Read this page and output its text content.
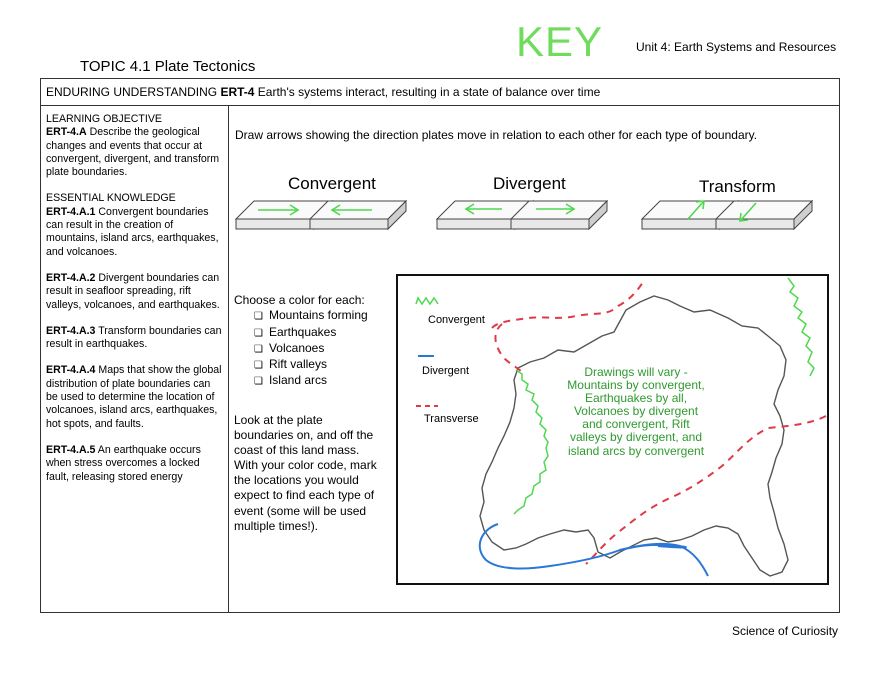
KEY	Unit 4: Earth Systems and Resources
TOPIC 4.1 Plate Tectonics
ENDURING UNDERSTANDING ERT-4 Earth's systems interact, resulting in a state of balance over time

LEARNING OBJECTIVE
ERT-4.A Describe the geological changes and events that occur at convergent, divergent, and transform plate boundaries.

ESSENTIAL KNOWLEDGE
ERT-4.A.1 Convergent boundaries can result in the creation of mountains, island arcs, earthquakes, and volcanoes.

ERT-4.A.2 Divergent boundaries can result in seafloor spreading, rift valleys, volcanoes, and earthquakes.

ERT-4.A.3 Transform boundaries can result in earthquakes.

ERT-4.A.4 Maps that show the global distribution of plate boundaries can be used to determine the location of volcanoes, island arcs, earthquakes, hot spots, and faults.

ERT-4.A.5 An earthquake occurs when stress overcomes a locked fault, releasing stored energy

Draw arrows showing the direction plates move in relation to each other for each type of boundary.
Convergent	Divergent	Transform
Choose a color for each:
❏ Mountains forming
❏ Earthquakes
❏ Volcanoes
❏ Rift valleys
❏ Island arcs
Look at the plate boundaries on, and off the coast of this land mass. With your color code, mark the locations you would expect to find each type of event (some will be used multiple times!).
Convergent
Divergent
Transverse
Drawings will vary - Mountains by convergent, Earthquakes by all, Volcanoes by divergent and convergent, Rift valleys by divergent, and island arcs by convergent
Science of Curiosity
